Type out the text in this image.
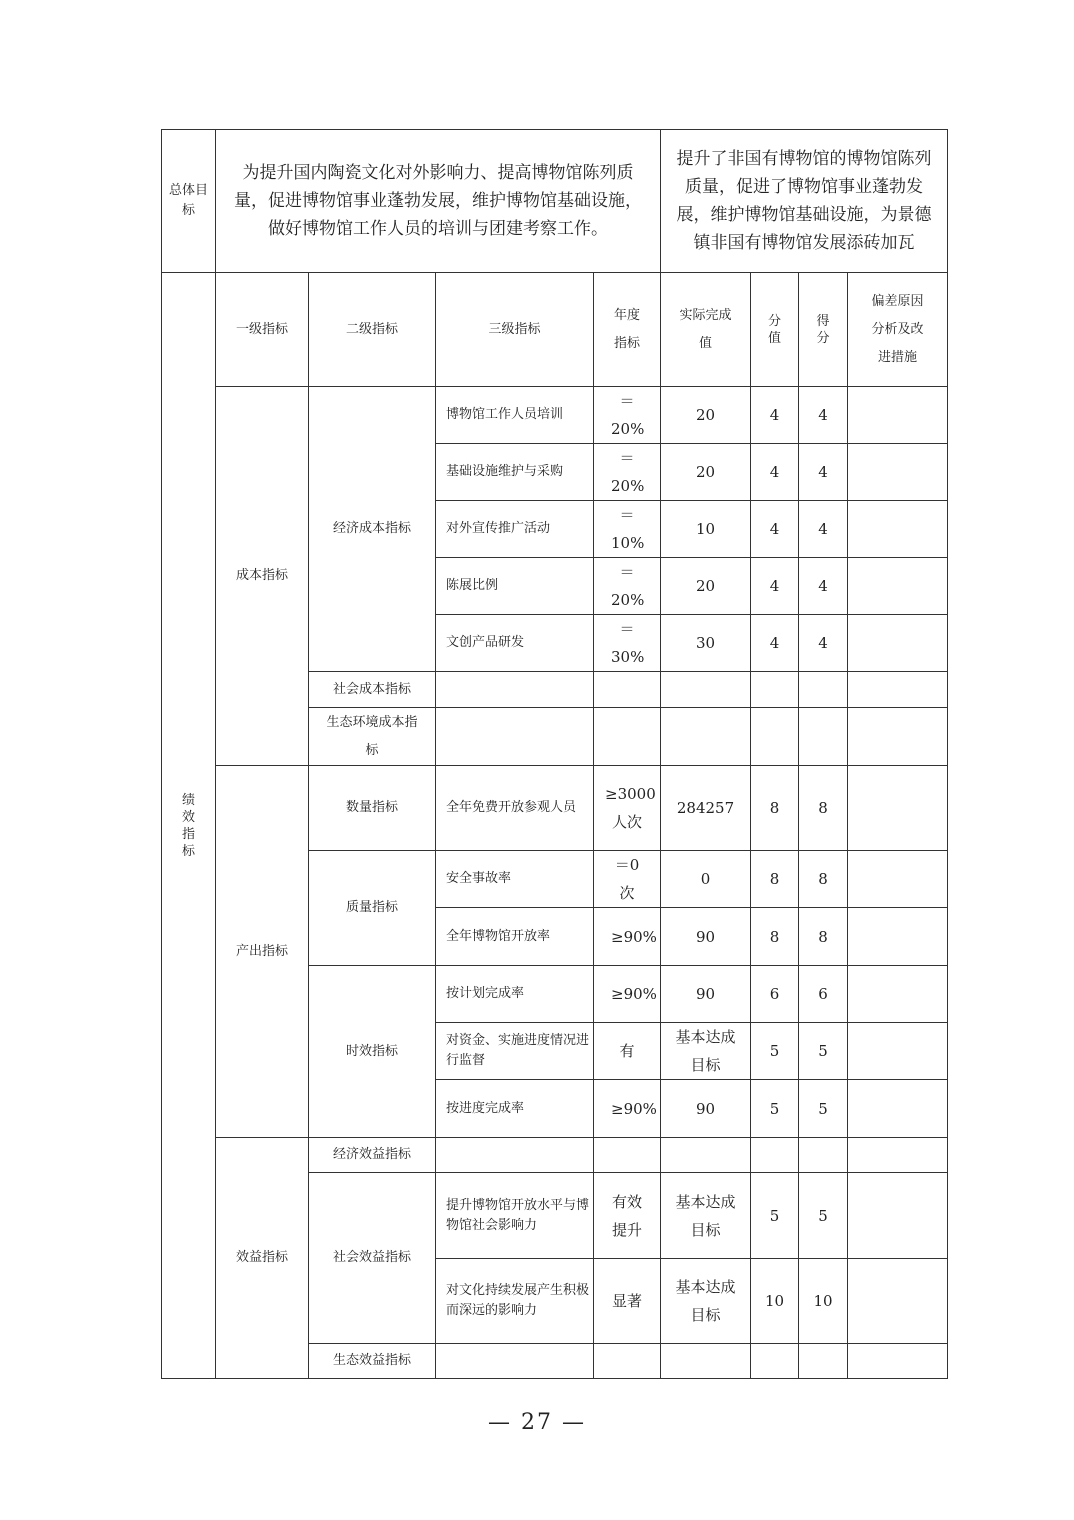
总体目标	为提升国内陶瓷文化对外影响力、提高博物馆陈列质量，促进博物馆事业蓬勃发展，维护博物馆基础设施，做好博物馆工作人员的培训与团建考察工作。				提升了非国有博物馆的博物馆陈列质量，促进了博物馆事业蓬勃发展，维护博物馆基础设施，为景德镇非国有博物馆发展添砖加瓦			

绩效指标	一级指标	二级指标	三级指标	年度指标	实际完成值	分值	得分	偏差原因分析及改进措施

	成本指标	经济成本指标	博物馆工作人员培训	＝20%	20	4	4	
			基础设施维护与采购	＝20%	20	4	4	
			对外宣传推广活动	＝10%	10	4	4	
			陈展比例	＝20%	20	4	4	
			文创产品研发	＝30%	30	4	4	
		社会成本指标						

		生态环境成本指标						

	产出指标	数量指标	全年免费开放参观人员	≥3000人次	284257	8	8	
		质量指标	安全事故率	＝0次	0	8	8	
			全年博物馆开放率	≥90%	90	8	8	
		时效指标	按计划完成率	≥90%	90	6	6	
			对资金、实施进度情况进行监督	有	基本达成目标	5	5	
			按进度完成率	≥90%	90	5	5	
	效益指标	经济效益指标						
		社会效益指标	提升博物馆开放水平与博物馆社会影响力	有效提升	基本达成目标	5	5	
			对文化持续发展产生积极而深远的影响力	显著	基本达成目标	10	10	
		生态效益指标						
— 27 —
